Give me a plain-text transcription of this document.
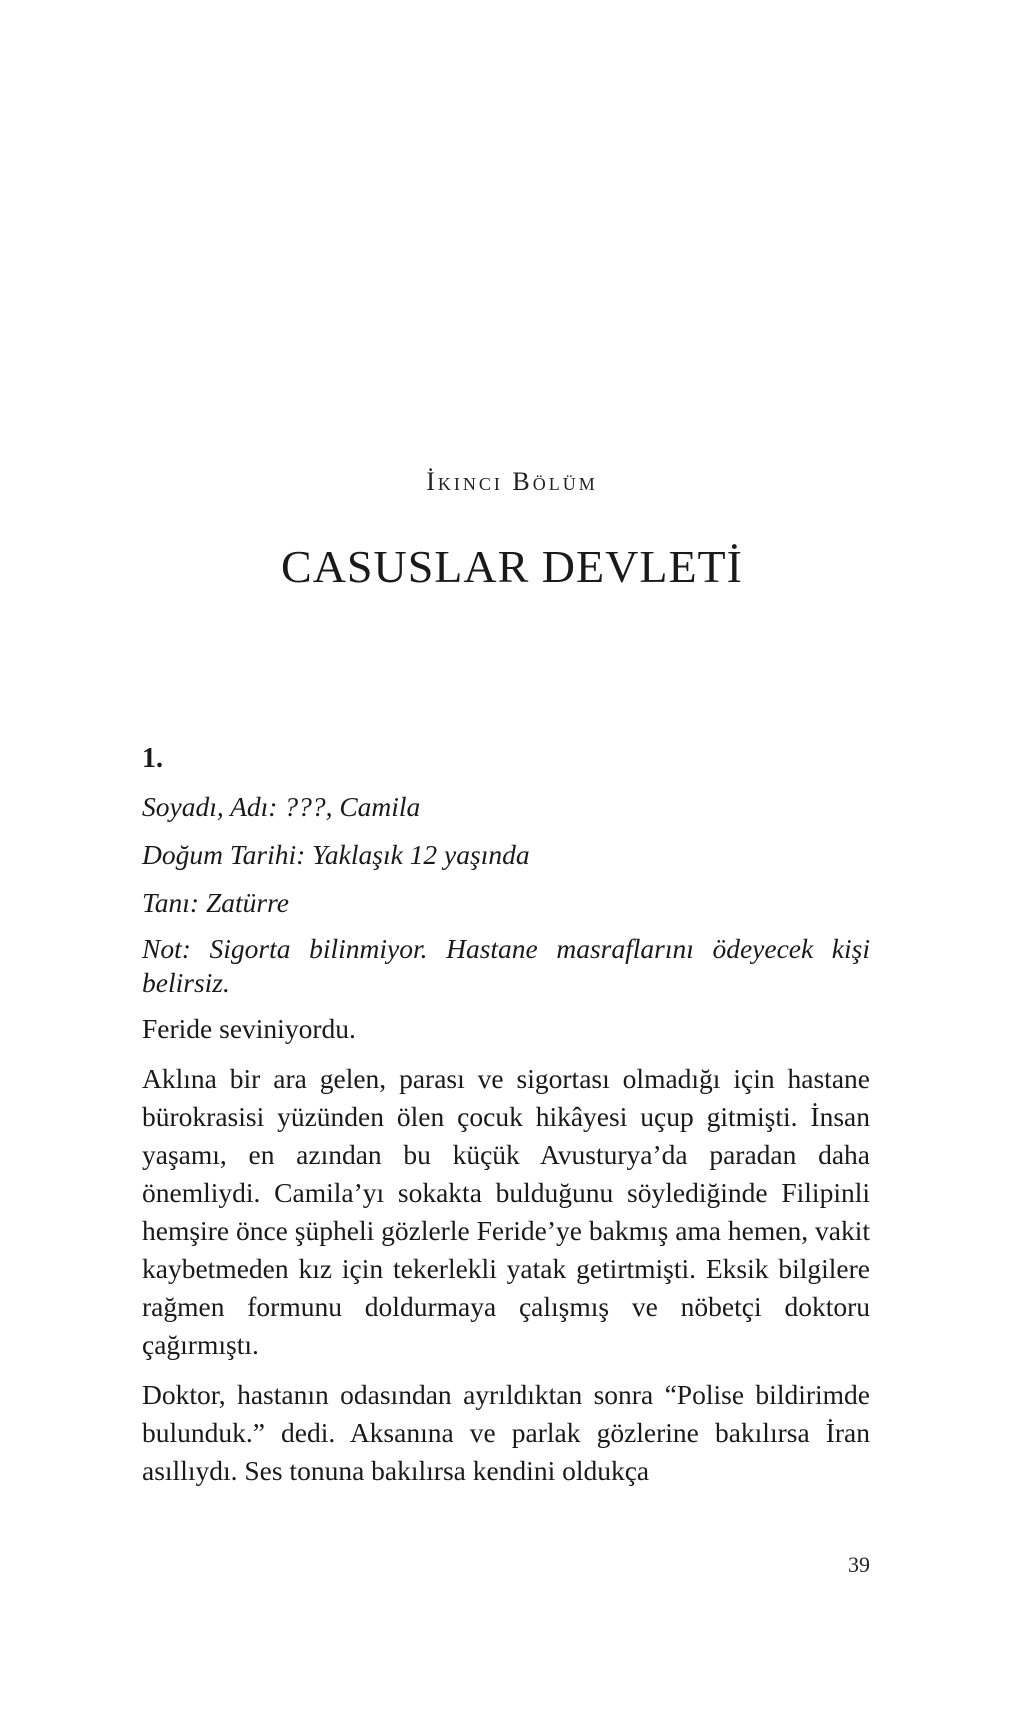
İkinci Bölüm
CASUSLAR DEVLETİ
1.
Soyadı, Adı: ???, Camila
Doğum Tarihi: Yaklaşık 12 yaşında
Tanı: Zatürre
Not: Sigorta bilinmiyor. Hastane masraflarını ödeyecek kişi belirsiz.

Feride seviniyordu.

Aklına bir ara gelen, parası ve sigortası olmadığı için hastane bürokrasisi yüzünden ölen çocuk hikâyesi uçup gitmişti. İnsan yaşamı, en azından bu küçük Avusturya’da paradan daha önemliydi. Camila’yı sokakta bulduğunu söylediğinde Filipinli hemşire önce şüpheli gözlerle Feride’ye bakmış ama hemen, vakit kaybetmeden kız için tekerlekli yatak getirtmişti. Eksik bilgilere rağmen formunu doldurmaya çalışmış ve nöbetçi doktoru çağırmıştı.

Doktor, hastanın odasından ayrıldıktan sonra “Polise bildirimde bulunduk.” dedi. Aksanına ve parlak gözlerine bakılırsa İran asıllıydı. Ses tonuna bakılırsa kendini oldukça

39
